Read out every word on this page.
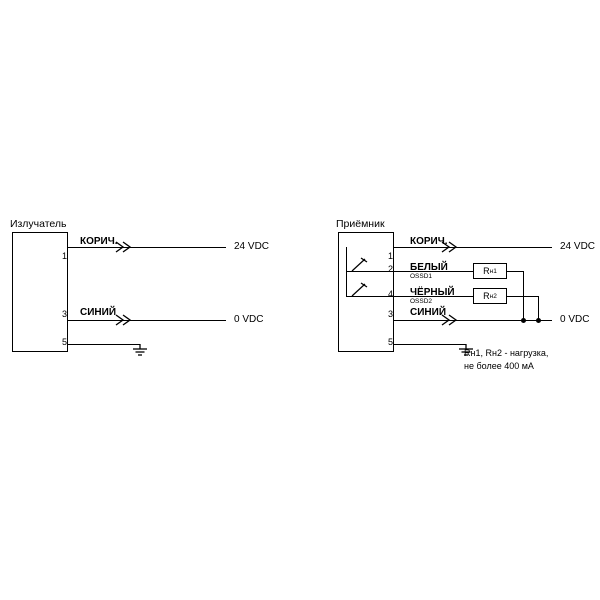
Излучатель
1
КОРИЧ.	24 VDC
3 СИНИЙ
0 VDC
5
Приёмник
1
КОРИЧ.	24 VDC
2 БЕЛЫЙ
OSSD1
R н1
4 ЧЁРНЫЙ
OSSD2
R н2
3 СИНИЙ
0 VDC
5
Rн1, Rн2 - нагрузка,
не более 400 мА
